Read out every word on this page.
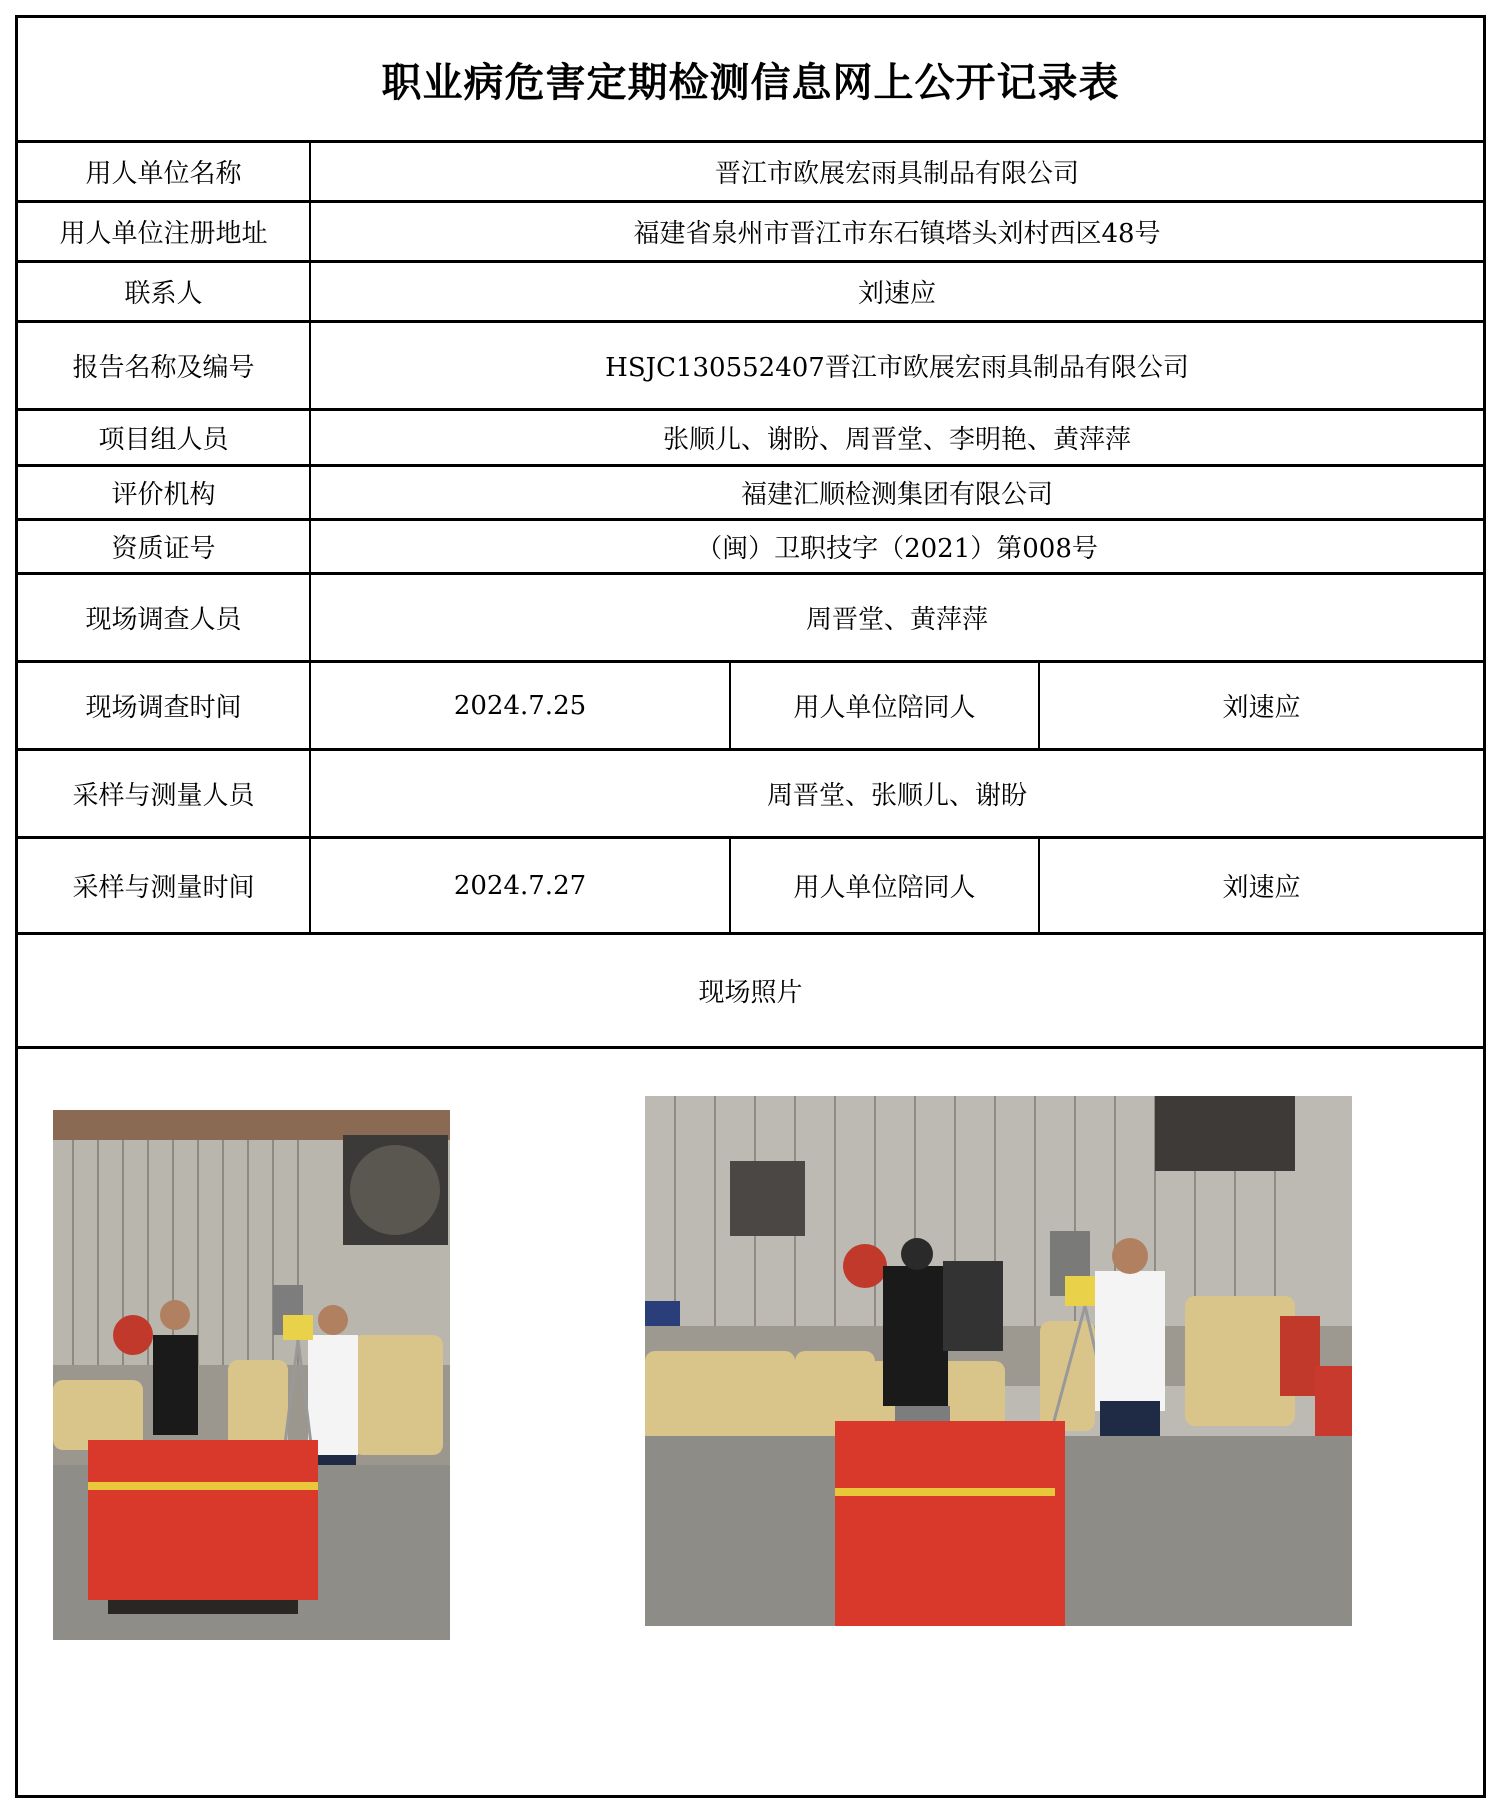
职业病危害定期检测信息网上公开记录表
用人单位名称	晋江市欧展宏雨具制品有限公司
用人单位注册地址	福建省泉州市晋江市东石镇塔头刘村西区48号
联系人	刘速应
报告名称及编号	HSJC130552407晋江市欧展宏雨具制品有限公司
项目组人员	张顺儿、谢盼、周晋堂、李明艳、黄萍萍
评价机构	福建汇顺检测集团有限公司
资质证号	（闽）卫职技字（2021）第008号
现场调查人员	周晋堂、黄萍萍
现场调查时间	2024.7.25	用人单位陪同人	刘速应
采样与测量人员	周晋堂、张顺儿、谢盼
采样与测量时间	2024.7.27	用人单位陪同人	刘速应
现场照片
